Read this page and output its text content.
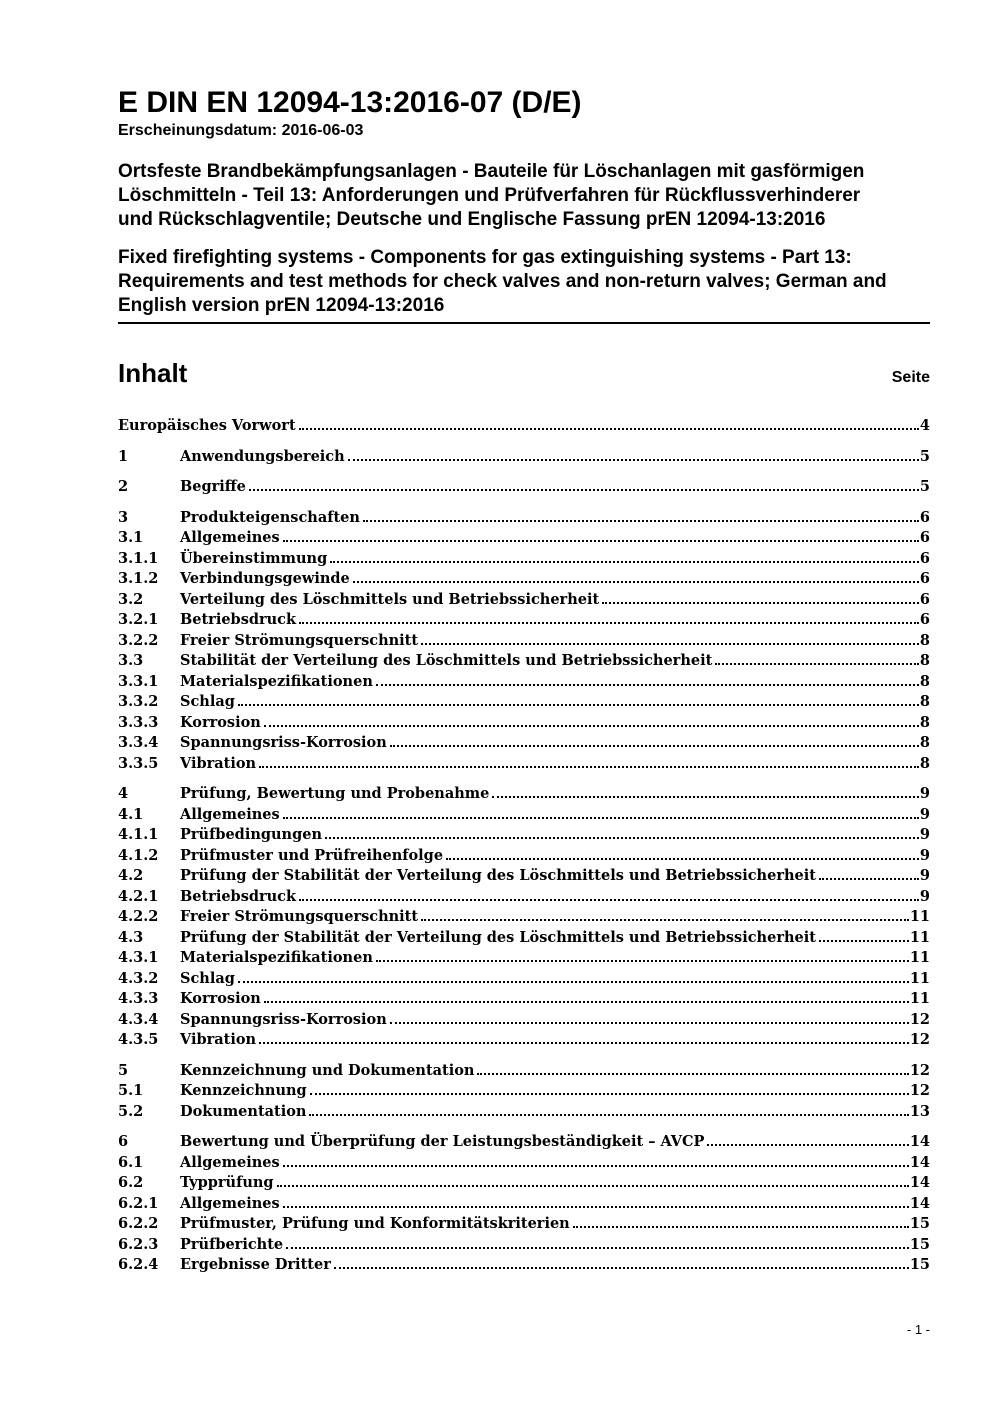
E DIN EN 12094-13:2016-07 (D/E)
Erscheinungsdatum: 2016-06-03
Ortsfeste Brandbekämpfungsanlagen - Bauteile für Löschanlagen mit gasförmigen
Löschmitteln - Teil 13: Anforderungen und Prüfverfahren für Rückflussverhinderer
und Rückschlagventile; Deutsche und Englische Fassung prEN 12094-13:2016
Fixed firefighting systems - Components for gas extinguishing systems - Part 13:
Requirements and test methods for check valves and non-return valves; German and
English version prEN 12094-13:2016
Inhalt	Seite
Europäisches Vorwort	4
1	Anwendungsbereich	5
2	Begriffe	5
3	Produkteigenschaften	6
3.1	Allgemeines	6
3.1.1	Übereinstimmung	6
3.1.2	Verbindungsgewinde	6
3.2	Verteilung des Löschmittels und Betriebssicherheit	6
3.2.1	Betriebsdruck	6
3.2.2	Freier Strömungsquerschnitt	8
3.3	Stabilität der Verteilung des Löschmittels und Betriebssicherheit	8
3.3.1	Materialspezifikationen	8
3.3.2	Schlag	8
3.3.3	Korrosion	8
3.3.4	Spannungsriss-Korrosion	8
3.3.5	Vibration	8
4	Prüfung, Bewertung und Probenahme	9
4.1	Allgemeines	9
4.1.1	Prüfbedingungen	9
4.1.2	Prüfmuster und Prüfreihenfolge	9
4.2	Prüfung der Stabilität der Verteilung des Löschmittels und Betriebssicherheit	9
4.2.1	Betriebsdruck	9
4.2.2	Freier Strömungsquerschnitt	11
4.3	Prüfung der Stabilität der Verteilung des Löschmittels und Betriebssicherheit	11
4.3.1	Materialspezifikationen	11
4.3.2	Schlag	11
4.3.3	Korrosion	11
4.3.4	Spannungsriss-Korrosion	12
4.3.5	Vibration	12
5	Kennzeichnung und Dokumentation	12
5.1	Kennzeichnung	12
5.2	Dokumentation	13
6	Bewertung und Überprüfung der Leistungsbeständigkeit – AVCP	14
6.1	Allgemeines	14
6.2	Typprüfung	14
6.2.1	Allgemeines	14
6.2.2	Prüfmuster, Prüfung und Konformitätskriterien	15
6.2.3	Prüfberichte	15
6.2.4	Ergebnisse Dritter	15
- 1 -
